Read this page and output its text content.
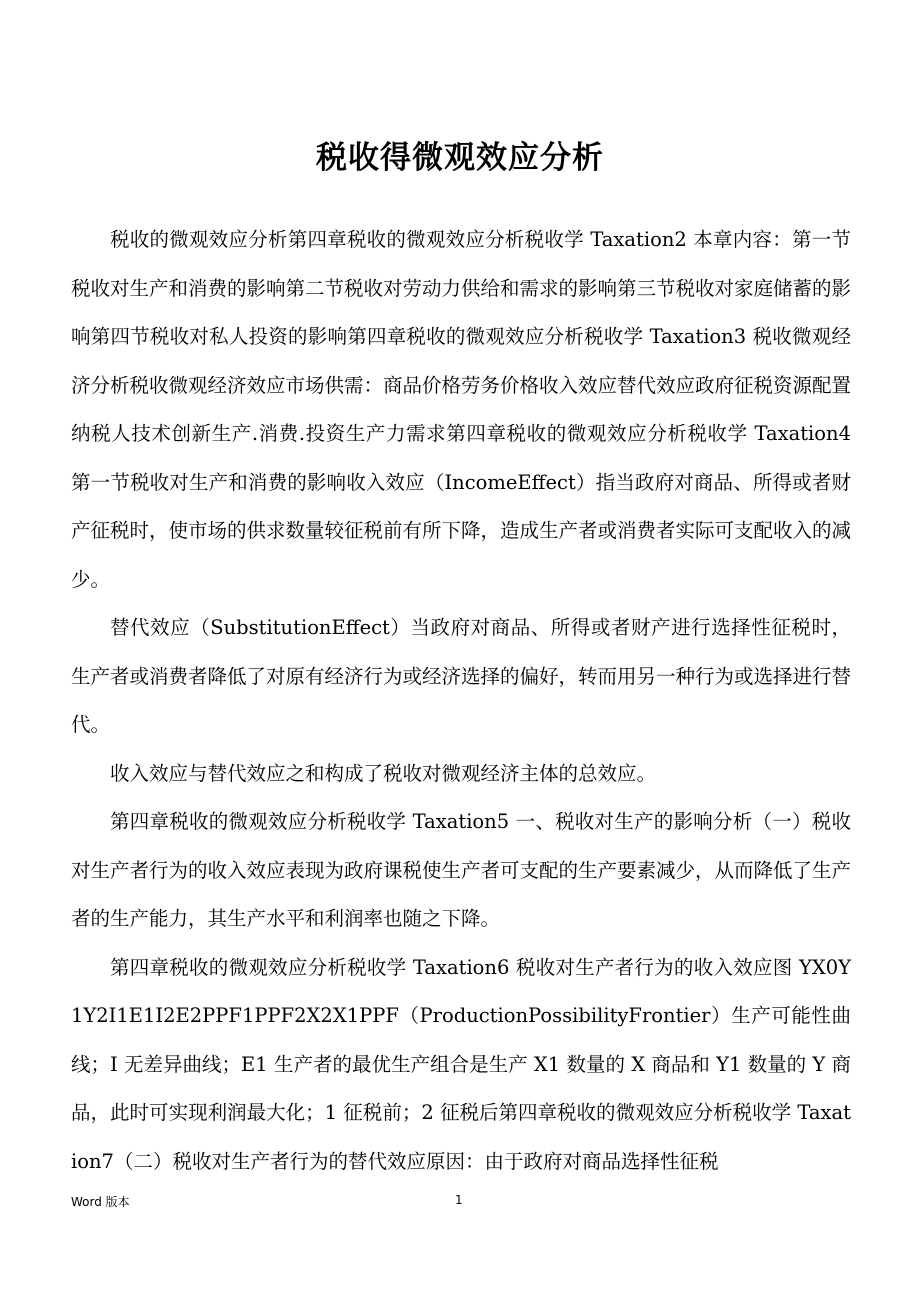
税收得微观效应分析

税收的微观效应分析第四章税收的微观效应分析税收学 Taxation2 本章内容：第一节税收对生产和消费的影响第二节税收对劳动力供给和需求的影响第三节税收对家庭储蓄的影响第四节税收对私人投资的影响第四章税收的微观效应分析税收学 Taxation3 税收微观经济分析税收微观经济效应市场供需：商品价格劳务价格收入效应替代效应政府征税资源配置纳税人技术创新生产.消费.投资生产力需求第四章税收的微观效应分析税收学 Taxation4 第一节税收对生产和消费的影响收入效应（IncomeEffect）指当政府对商品、所得或者财产征税时，使市场的供求数量较征税前有所下降，造成生产者或消费者实际可支配收入的减少。

替代效应（SubstitutionEffect）当政府对商品、所得或者财产进行选择性征税时，生产者或消费者降低了对原有经济行为或经济选择的偏好，转而用另一种行为或选择进行替代。

收入效应与替代效应之和构成了税收对微观经济主体的总效应。

第四章税收的微观效应分析税收学 Taxation5 一、税收对生产的影响分析（一）税收对生产者行为的收入效应表现为政府课税使生产者可支配的生产要素减少，从而降低了生产者的生产能力，其生产水平和利润率也随之下降。

第四章税收的微观效应分析税收学 Taxation6 税收对生产者行为的收入效应图 YX0Y1Y2I1E1I2E2PPF1PPF2X2X1PPF（ProductionPossibilityFrontier）生产可能性曲线；I 无差异曲线；E1 生产者的最优生产组合是生产 X1 数量的 X 商品和 Y1 数量的 Y 商品，此时可实现利润最大化；1 征税前；2 征税后第四章税收的微观效应分析税收学 Taxation7（二）税收对生产者行为的替代效应原因：由于政府对商品选择性征税

Word 版本	1
